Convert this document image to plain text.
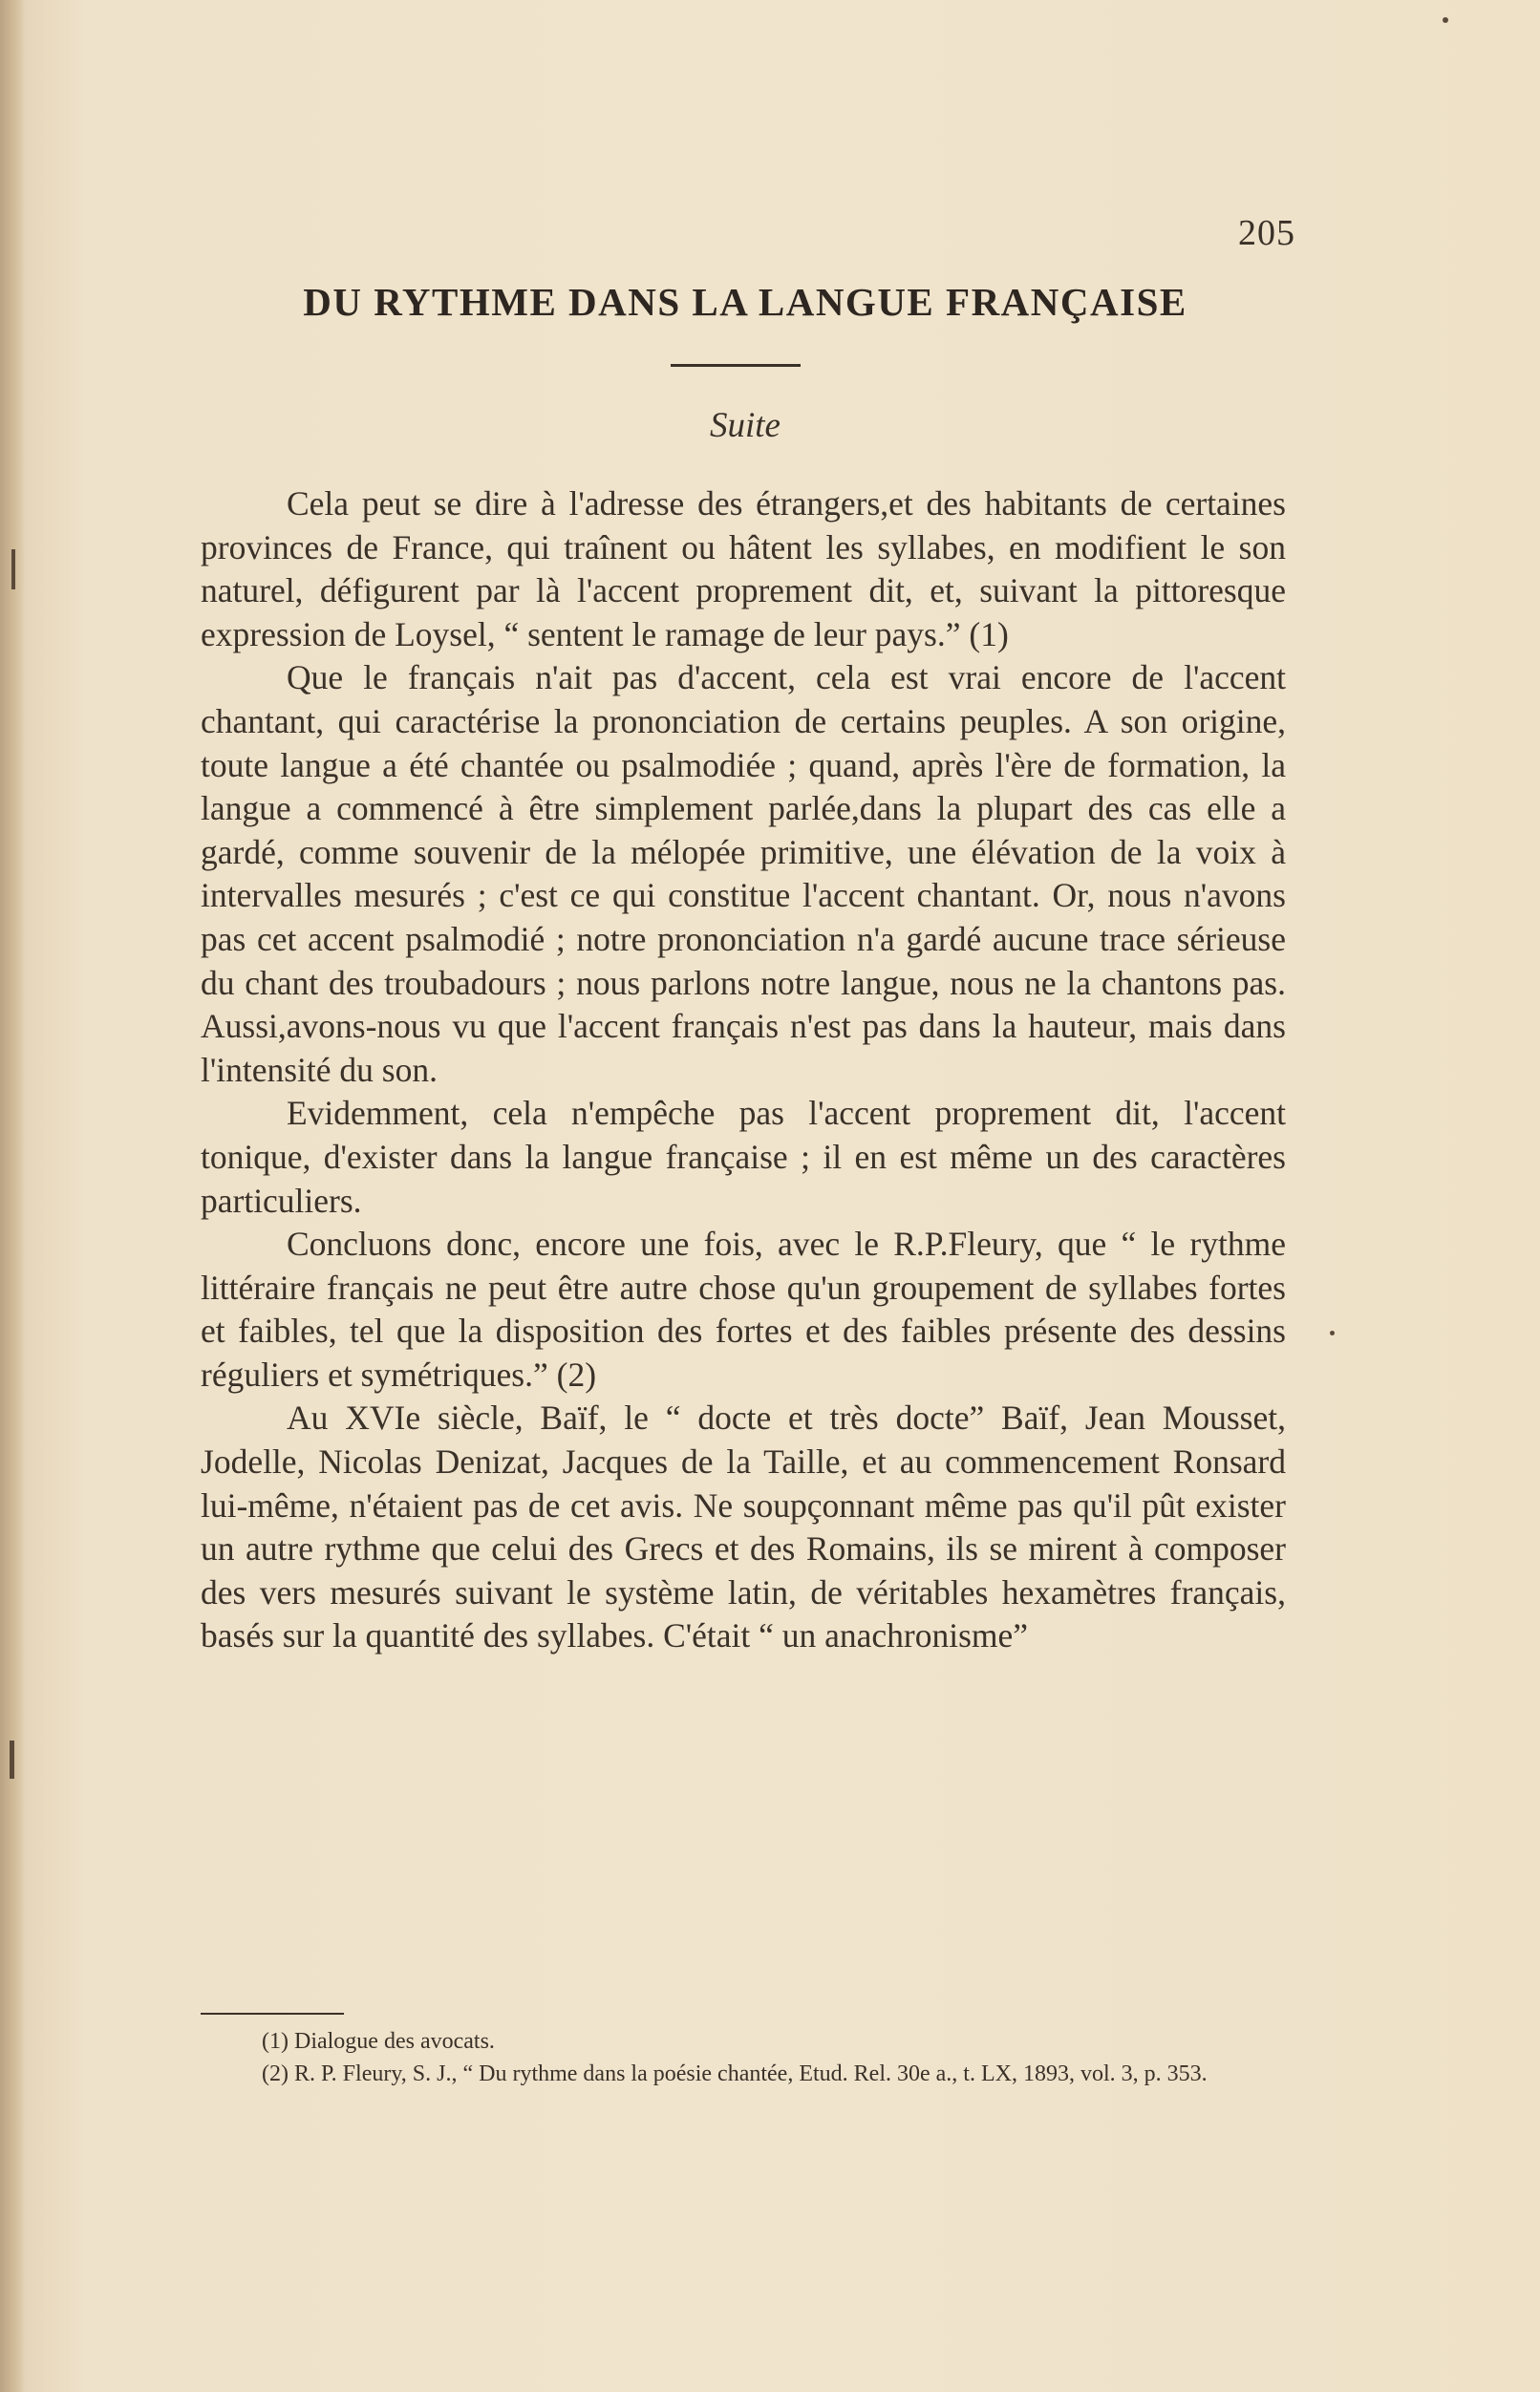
205
DU RYTHME DANS LA LANGUE FRANÇAISE
Suite

Cela peut se dire à l'adresse des étrangers,et des habitants de certaines provinces de France, qui traînent ou hâtent les syllabes, en modifient le son naturel, défigurent par là l'accent proprement dit, et, suivant la pittoresque expression de Loysel, “ sentent le ramage de leur pays.” (1)

Que le français n'ait pas d'accent, cela est vrai encore de l'accent chantant, qui caractérise la prononciation de certains peuples. A son origine, toute langue a été chantée ou psalmodiée ; quand, après l'ère de formation, la langue a commencé à être simplement parlée,dans la plupart des cas elle a gardé, comme souvenir de la mélopée primitive, une élévation de la voix à intervalles mesurés ; c'est ce qui constitue l'accent chantant. Or, nous n'avons pas cet accent psalmodié ; notre prononciation n'a gardé aucune trace sérieuse du chant des troubadours ; nous parlons notre langue, nous ne la chantons pas. Aussi,avons-nous vu que l'accent français n'est pas dans la hauteur, mais dans l'intensité du son.

Evidemment, cela n'empêche pas l'accent proprement dit, l'accent tonique, d'exister dans la langue française ; il en est même un des caractères particuliers.

Concluons donc, encore une fois, avec le R.P.Fleury, que “ le rythme littéraire français ne peut être autre chose qu'un groupement de syllabes fortes et faibles, tel que la disposition des fortes et des faibles présente des dessins réguliers et symétriques.” (2)

Au XVIe siècle, Baïf, le “ docte et très docte” Baïf, Jean Mousset, Jodelle, Nicolas Denizat, Jacques de la Taille, et au commencement Ronsard lui-même, n'étaient pas de cet avis. Ne soupçonnant même pas qu'il pût exister un autre rythme que celui des Grecs et des Romains, ils se mirent à composer des vers mesurés suivant le système latin, de véritables hexamètres français, basés sur la quantité des syllabes. C'était “ un anachronisme”

(1) Dialogue des avocats.

(2) R. P. Fleury, S. J., “ Du rythme dans la poésie chantée, Etud. Rel. 30e a., t. LX, 1893, vol. 3, p. 353.
